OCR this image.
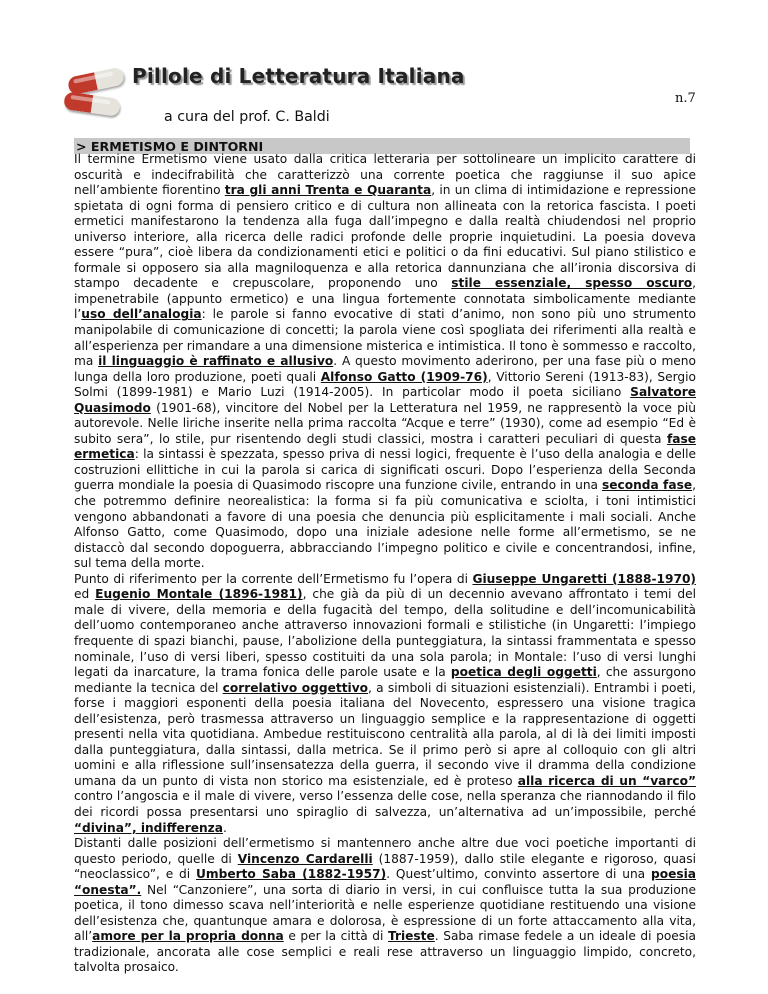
Pillole di Letteratura Italiana
a cura del prof. C. Baldi
n.7
> ERMETISMO E DINTORNI

Il termine Ermetismo viene usato dalla critica letteraria per sottolineare un implicito carattere di oscurità e indecifrabilità che caratterizzò una corrente poetica che raggiunse il suo apice nell’ambiente fiorentino tra gli anni Trenta e Quaranta, in un clima di intimidazione e repressione spietata di ogni forma di pensiero critico e di cultura non allineata con la retorica fascista. I poeti ermetici manifestarono la tendenza alla fuga dall’impegno e dalla realtà chiudendosi nel proprio universo interiore, alla ricerca delle radici profonde delle proprie inquietudini. La poesia doveva essere “pura”, cioè libera da condizionamenti etici e politici o da fini educativi. Sul piano stilistico e formale si opposero sia alla magniloquenza e alla retorica dannunziana che all’ironia discorsiva di stampo decadente e crepuscolare, proponendo uno stile essenziale, spesso oscuro, impenetrabile (appunto ermetico) e una lingua fortemente connotata simbolicamente mediante l’uso dell’analogia: le parole si fanno evocative di stati d’animo, non sono più uno strumento manipolabile di comunicazione di concetti; la parola viene così spogliata dei riferimenti alla realtà e all’esperienza per rimandare a una dimensione misterica e intimistica. Il tono è sommesso e raccolto, ma il linguaggio è raffinato e allusivo. A questo movimento aderirono, per una fase più o meno lunga della loro produzione, poeti quali Alfonso Gatto (1909-76), Vittorio Sereni (1913-83), Sergio Solmi (1899-1981) e Mario Luzi (1914-2005). In particolar modo il poeta siciliano Salvatore Quasimodo (1901-68), vincitore del Nobel per la Letteratura nel 1959, ne rappresentò la voce più autorevole. Nelle liriche inserite nella prima raccolta “Acque e terre” (1930), come ad esempio “Ed è subito sera”, lo stile, pur risentendo degli studi classici, mostra i caratteri peculiari di questa fase ermetica: la sintassi è spezzata, spesso priva di nessi logici, frequente è l’uso della analogia e delle costruzioni ellittiche in cui la parola si carica di significati oscuri. Dopo l’esperienza della Seconda guerra mondiale la poesia di Quasimodo riscopre una funzione civile, entrando in una seconda fase, che potremmo definire neorealistica: la forma si fa più comunicativa e sciolta, i toni intimistici vengono abbandonati a favore di una poesia che denuncia più esplicitamente i mali sociali. Anche Alfonso Gatto, come Quasimodo, dopo una iniziale adesione nelle forme all’ermetismo, se ne distaccò dal secondo dopoguerra, abbracciando l’impegno politico e civile e concentrandosi, infine, sul tema della morte.

Punto di riferimento per la corrente dell’Ermetismo fu l’opera di Giuseppe Ungaretti (1888-1970) ed Eugenio Montale (1896-1981), che già da più di un decennio avevano affrontato i temi del male di vivere, della memoria e della fugacità del tempo, della solitudine e dell’incomunicabilità dell’uomo contemporaneo anche attraverso innovazioni formali e stilistiche (in Ungaretti: l’impiego frequente di spazi bianchi, pause, l’abolizione della punteggiatura, la sintassi frammentata e spesso nominale, l’uso di versi liberi, spesso costituiti da una sola parola; in Montale: l’uso di versi lunghi legati da inarcature, la trama fonica delle parole usate e la poetica degli oggetti, che assurgono mediante la tecnica del correlativo oggettivo, a simboli di situazioni esistenziali). Entrambi i poeti, forse i maggiori esponenti della poesia italiana del Novecento, espressero una visione tragica dell’esistenza, però trasmessa attraverso un linguaggio semplice e la rappresentazione di oggetti presenti nella vita quotidiana. Ambedue restituiscono centralità alla parola, al di là dei limiti imposti dalla punteggiatura, dalla sintassi, dalla metrica. Se il primo però si apre al colloquio con gli altri uomini e alla riflessione sull’insensatezza della guerra, il secondo vive il dramma della condizione umana da un punto di vista non storico ma esistenziale, ed è proteso alla ricerca di un “varco” contro l’angoscia e il male di vivere, verso l’essenza delle cose, nella speranza che riannodando il filo dei ricordi possa presentarsi uno spiraglio di salvezza, un’alternativa ad un’impossibile, perché “divina”, indifferenza.

Distanti dalle posizioni dell’ermetismo si mantennero anche altre due voci poetiche importanti di questo periodo, quelle di Vincenzo Cardarelli (1887-1959), dallo stile elegante e rigoroso, quasi “neoclassico”, e di Umberto Saba (1882-1957). Quest’ultimo, convinto assertore di una poesia “onesta”. Nel “Canzoniere”, una sorta di diario in versi, in cui confluisce tutta la sua produzione poetica, il tono dimesso scava nell’interiorità e nelle esperienze quotidiane restituendo una visione dell’esistenza che, quantunque amara e dolorosa, è espressione di un forte attaccamento alla vita, all’amore per la propria donna e per la città di Trieste. Saba rimase fedele a un ideale di poesia tradizionale, ancorata alle cose semplici e reali rese attraverso un linguaggio limpido, concreto, talvolta prosaico.
